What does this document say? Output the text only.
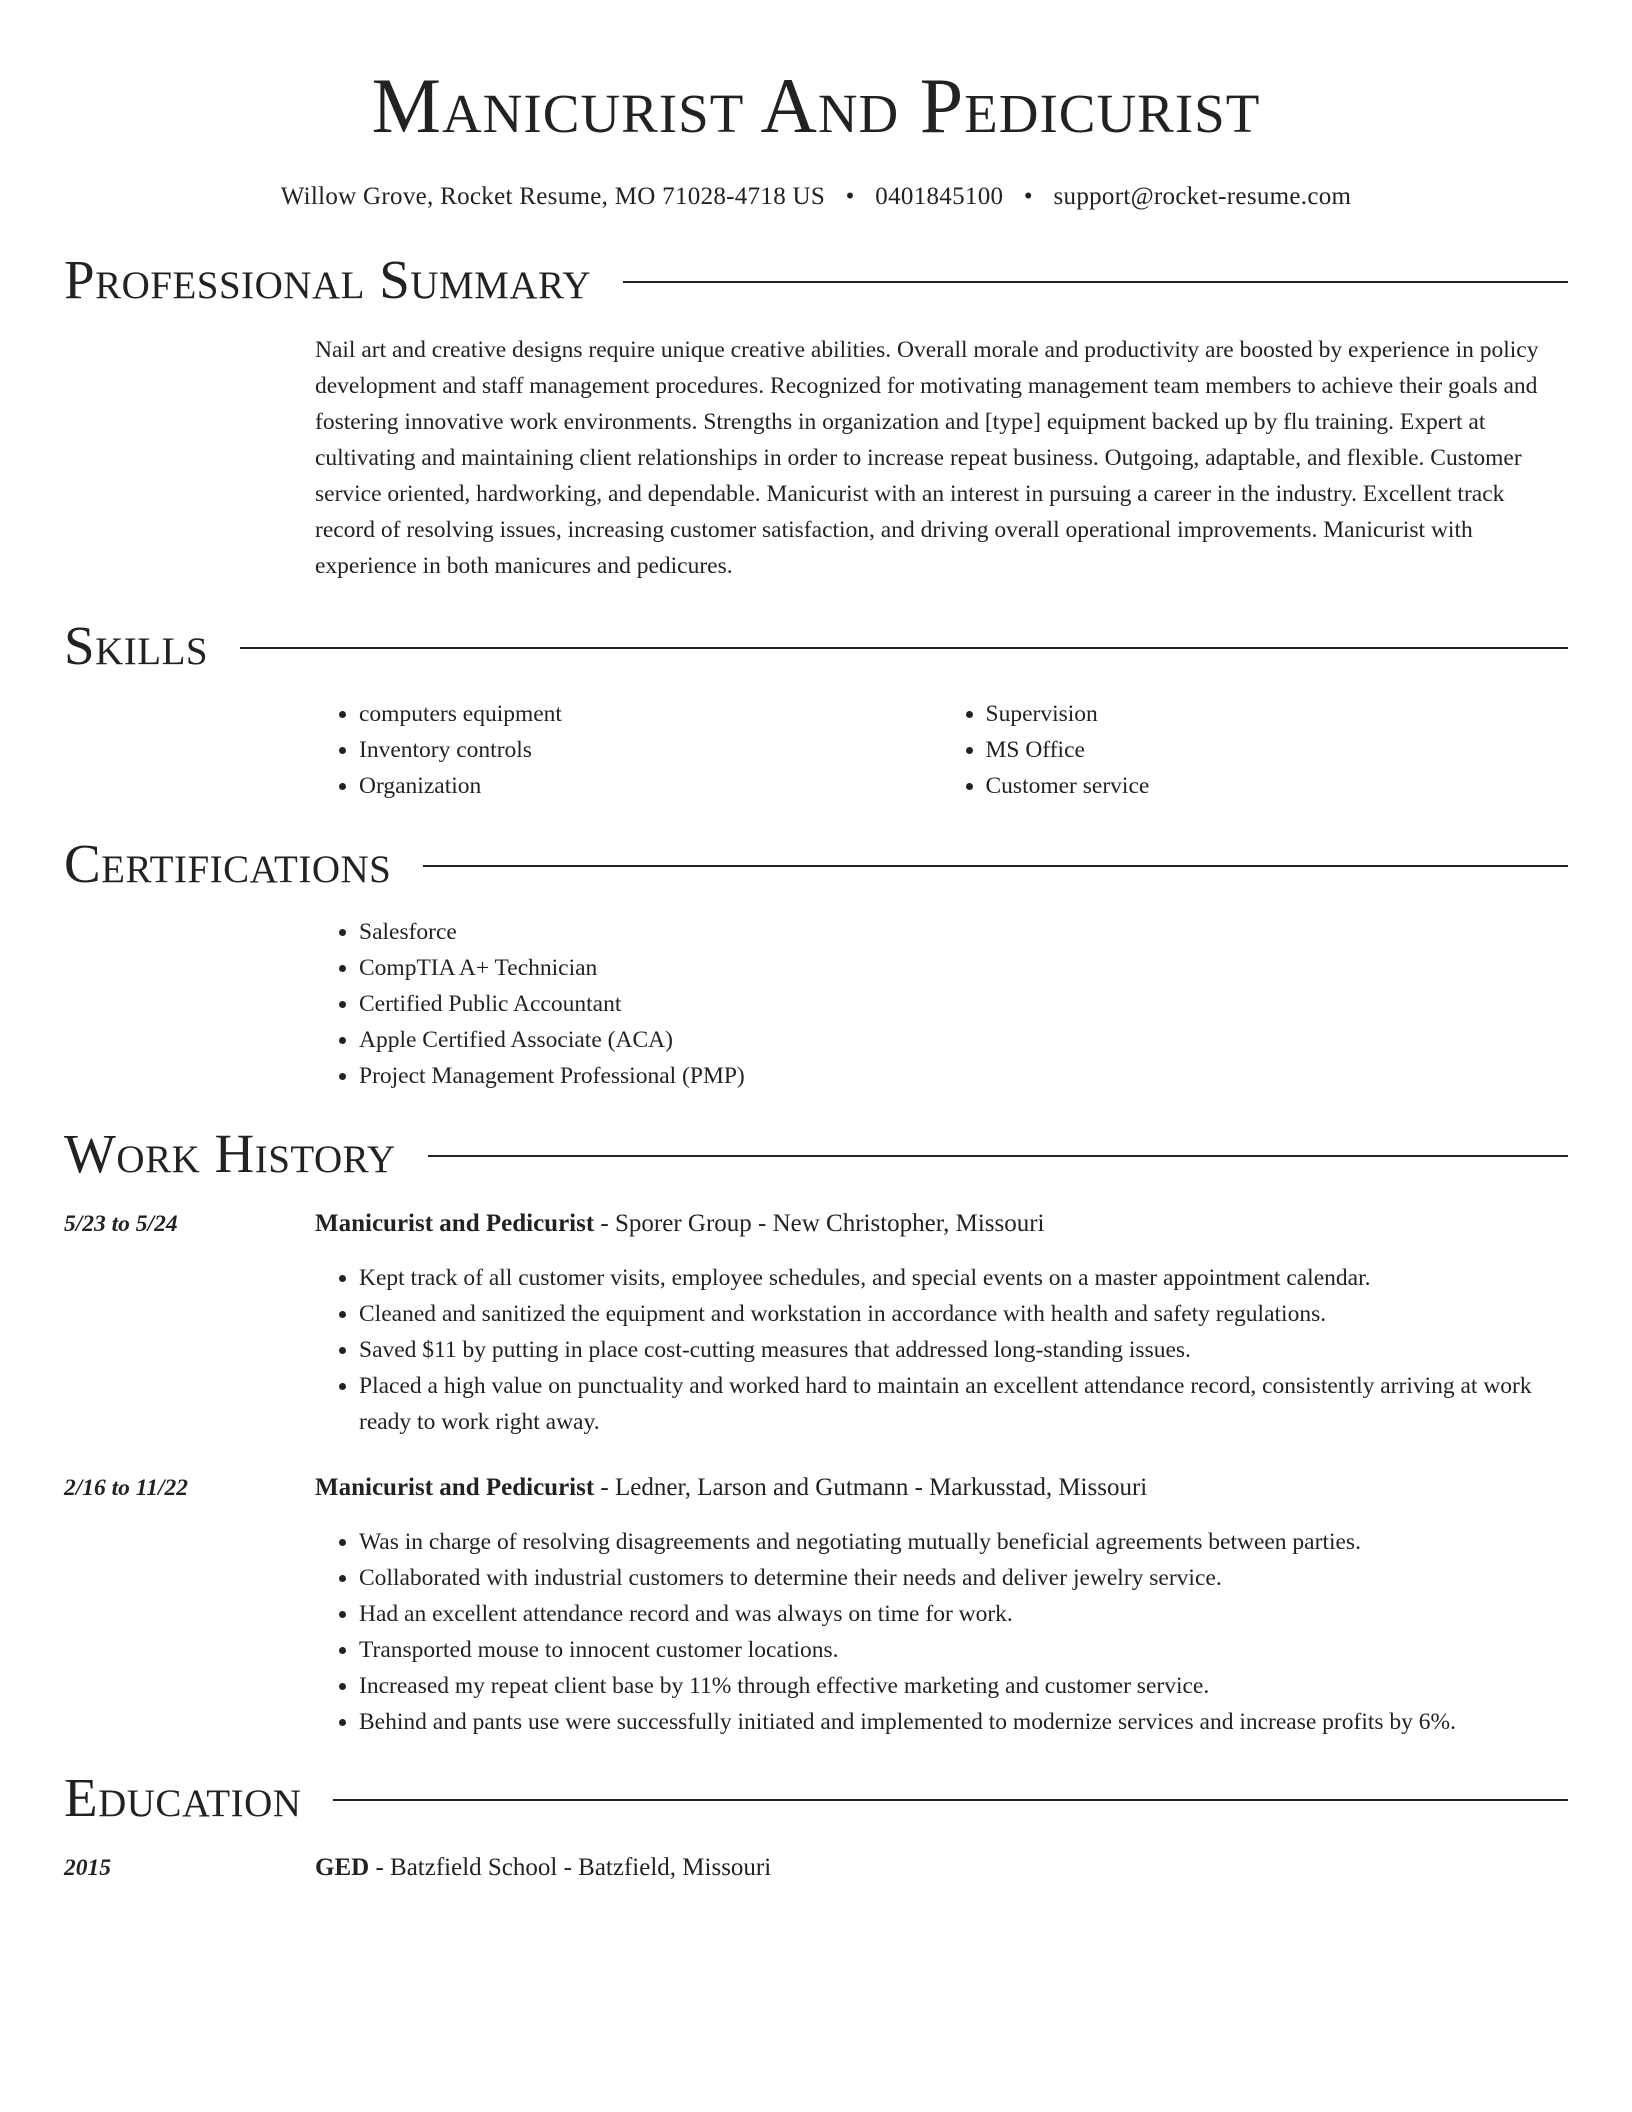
Manicurist And Pedicurist
Willow Grove, Rocket Resume, MO 71028-4718 US • 0401845100 • support@rocket-resume.com
Professional Summary

Nail art and creative designs require unique creative abilities. Overall morale and productivity are boosted by experience in policy development and staff management procedures. Recognized for motivating management team members to achieve their goals and fostering innovative work environments. Strengths in organization and [type] equipment backed up by flu training. Expert at cultivating and maintaining client relationships in order to increase repeat business. Outgoing, adaptable, and flexible. Customer service oriented, hardworking, and dependable. Manicurist with an interest in pursuing a career in the industry. Excellent track record of resolving issues, increasing customer satisfaction, and driving overall operational improvements. Manicurist with experience in both manicures and pedicures.

Skills
• computers equipment
• Inventory controls
• Organization
• Supervision
• MS Office
• Customer service
Certifications
• Salesforce
• CompTIA A+ Technician
• Certified Public Accountant
• Apple Certified Associate (ACA)
• Project Management Professional (PMP)
Work History
5/23 to 5/24	Manicurist and Pedicurist - Sporer Group - New Christopher, Missouri
• Kept track of all customer visits, employee schedules, and special events on a master appointment calendar.
• Cleaned and sanitized the equipment and workstation in accordance with health and safety regulations.
• Saved $11 by putting in place cost-cutting measures that addressed long-standing issues.
• Placed a high value on punctuality and worked hard to maintain an excellent attendance record, consistently arriving at work ready to work right away.
2/16 to 11/22	Manicurist and Pedicurist - Ledner, Larson and Gutmann - Markusstad, Missouri
• Was in charge of resolving disagreements and negotiating mutually beneficial agreements between parties.
• Collaborated with industrial customers to determine their needs and deliver jewelry service.
• Had an excellent attendance record and was always on time for work.
• Transported mouse to innocent customer locations.
• Increased my repeat client base by 11% through effective marketing and customer service.
• Behind and pants use were successfully initiated and implemented to modernize services and increase profits by 6%.
Education
2015	GED - Batzfield School - Batzfield, Missouri
